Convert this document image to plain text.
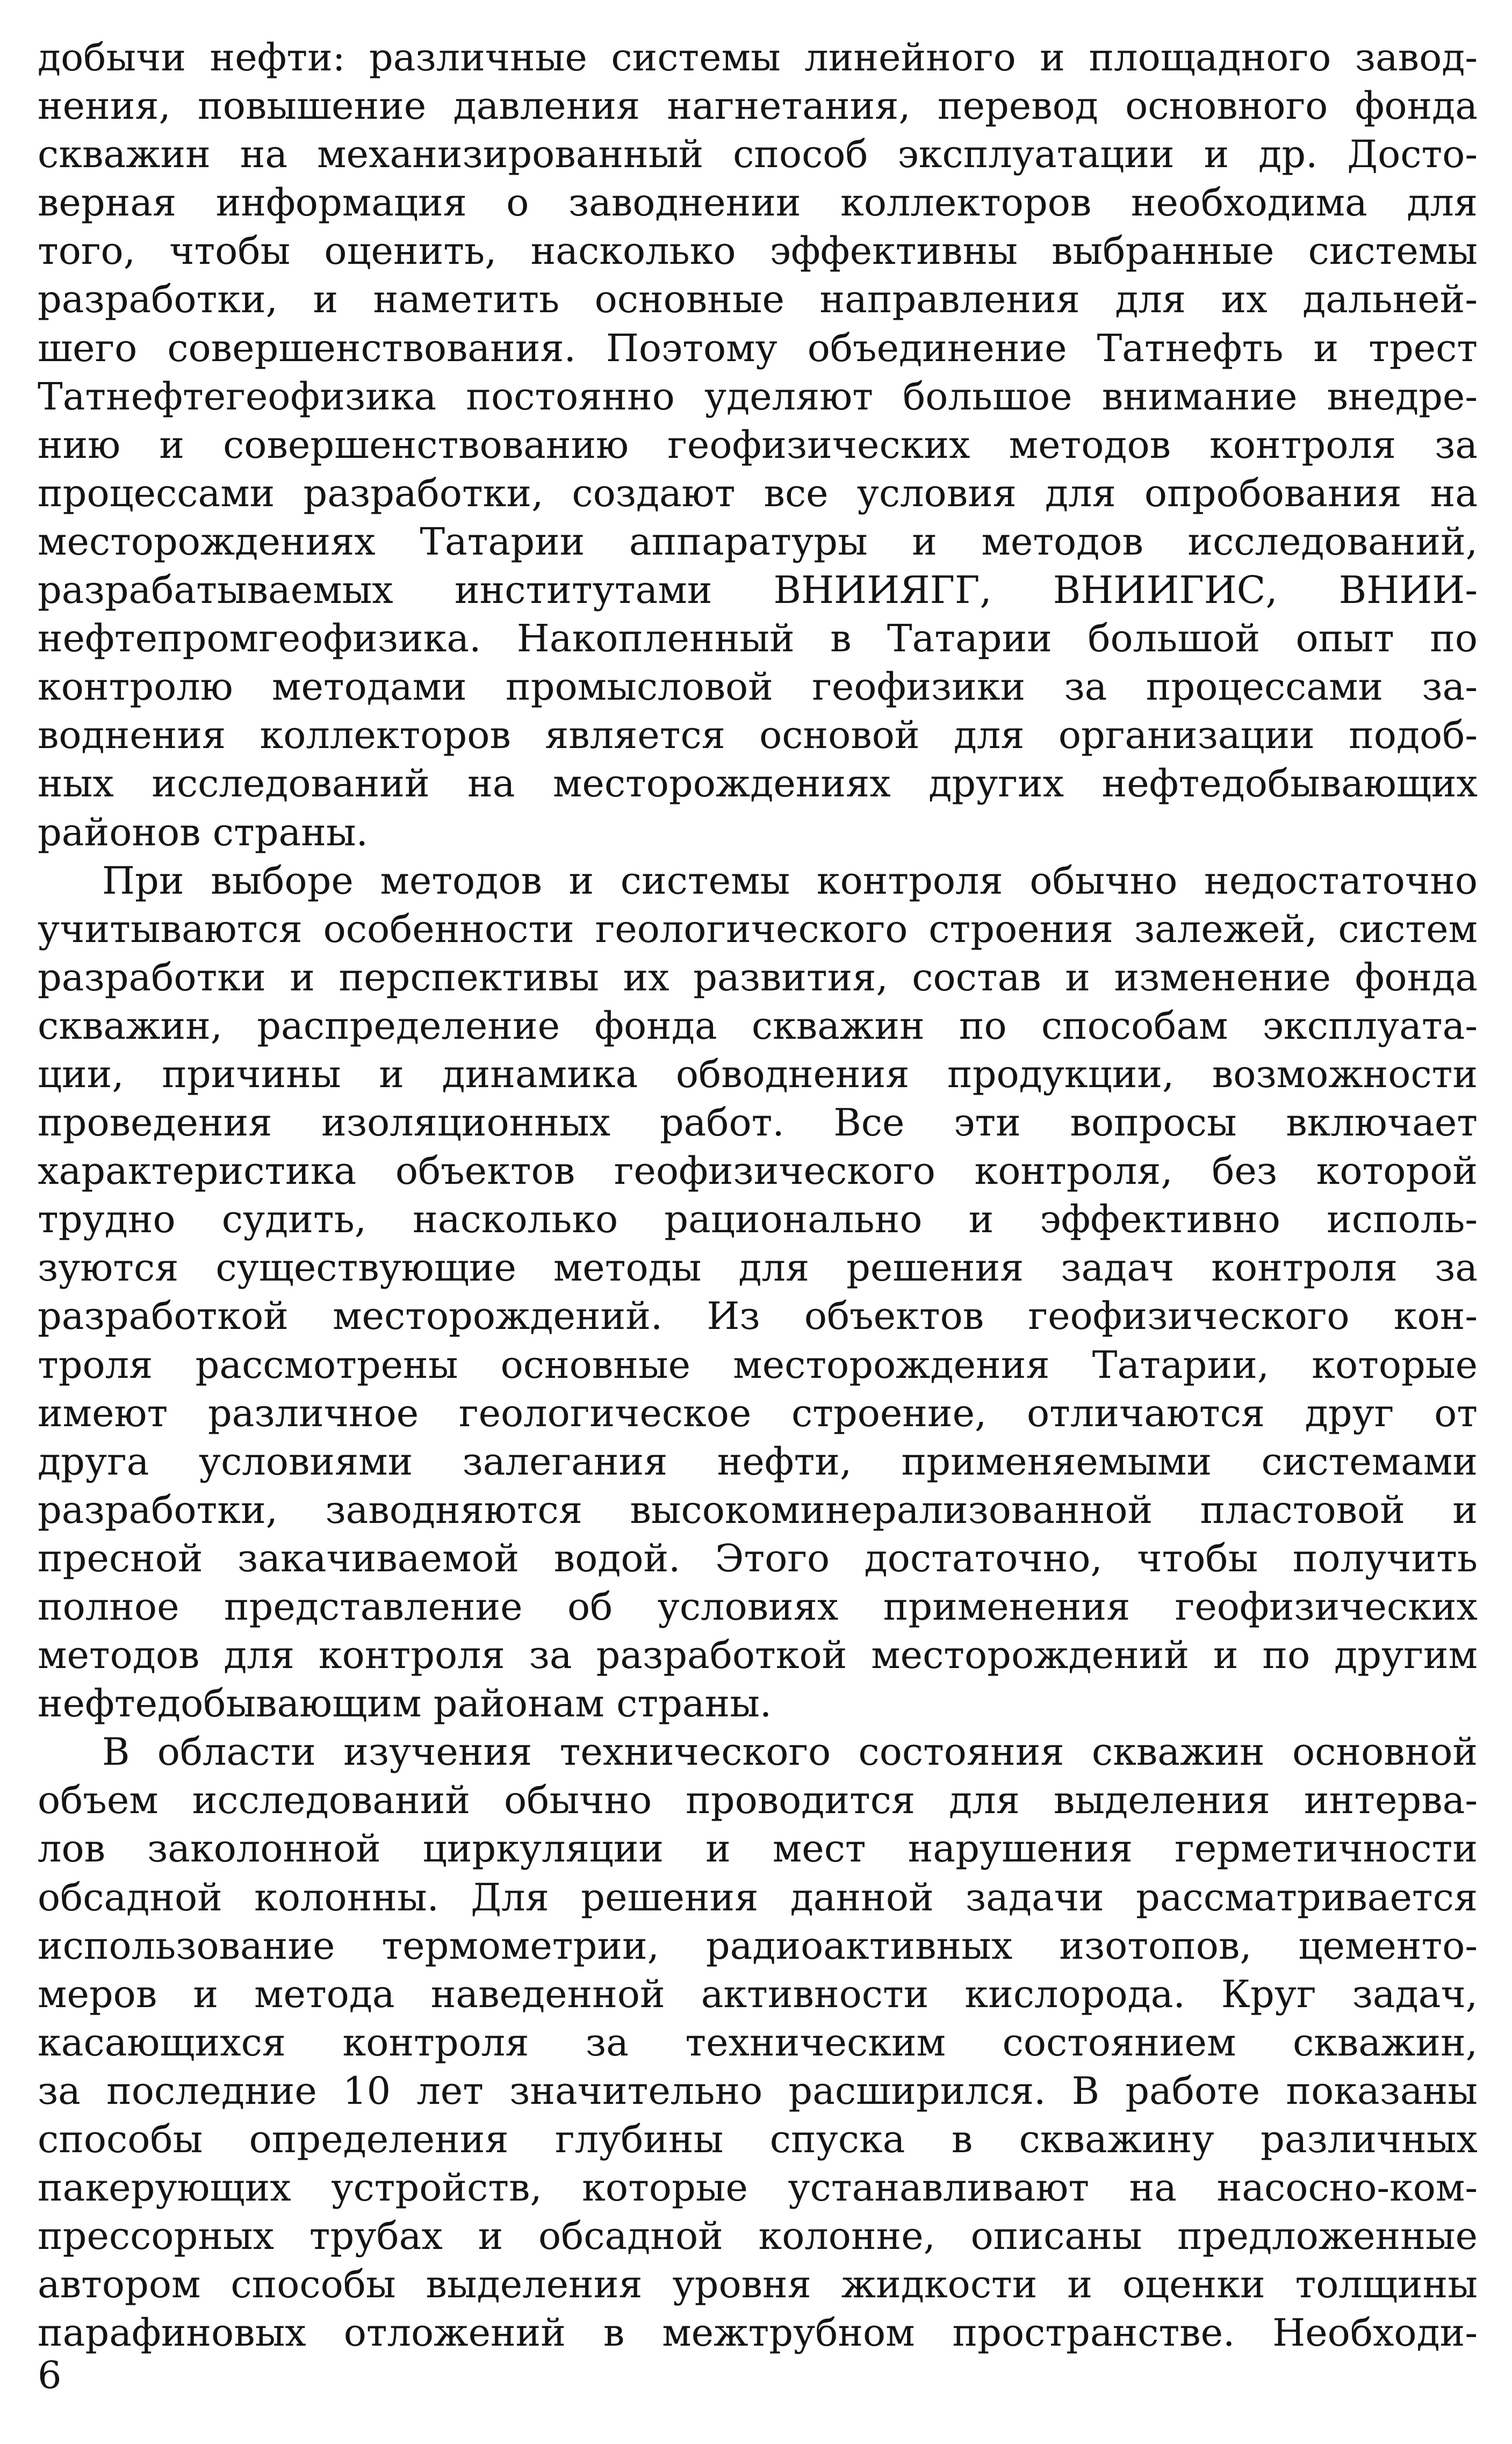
добычи нефти: различные системы линейного и площадного завод-
нения, повышение давления нагнетания, перевод основного фонда
скважин на механизированный способ эксплуатации и др. Досто-
верная информация о заводнении коллекторов необходима для
того, чтобы оценить, насколько эффективны выбранные системы
разработки, и наметить основные направления для их дальней-
шего совершенствования. Поэтому объединение Татнефть и трест
Татнефтегеофизика постоянно уделяют большое внимание внедре-
нию и совершенствованию геофизических методов контроля за
процессами разработки, создают все условия для опробования на
месторождениях Татарии аппаратуры и методов исследований,
разрабатываемых институтами ВНИИЯГГ, ВНИИГИС, ВНИИ-
нефтепромгеофизика. Накопленный в Татарии большой опыт по
контролю методами промысловой геофизики за процессами за-
воднения коллекторов является основой для организации подоб-
ных исследований на месторождениях других нефтедобывающих
районов страны.
При выборе методов и системы контроля обычно недостаточно
учитываются особенности геологического строения залежей, систем
разработки и перспективы их развития, состав и изменение фонда
скважин, распределение фонда скважин по способам эксплуата-
ции, причины и динамика обводнения продукции, возможности
проведения изоляционных работ. Все эти вопросы включает
характеристика объектов геофизического контроля, без которой
трудно судить, насколько рационально и эффективно исполь-
зуются существующие методы для решения задач контроля за
разработкой месторождений. Из объектов геофизического кон-
троля рассмотрены основные месторождения Татарии, которые
имеют различное геологическое строение, отличаются друг от
друга условиями залегания нефти, применяемыми системами
разработки, заводняются высокоминерализованной пластовой и
пресной закачиваемой водой. Этого достаточно, чтобы получить
полное представление об условиях применения геофизических
методов для контроля за разработкой месторождений и по другим
нефтедобывающим районам страны.
В области изучения технического состояния скважин основной
объем исследований обычно проводится для выделения интерва-
лов заколонной циркуляции и мест нарушения герметичности
обсадной колонны. Для решения данной задачи рассматривается
использование термометрии, радиоактивных изотопов, цементо-
меров и метода наведенной активности кислорода. Круг задач,
касающихся контроля за техническим состоянием скважин,
за последние 10 лет значительно расширился. В работе показаны
способы определения глубины спуска в скважину различных
пакерующих устройств, которые устанавливают на насосно-ком-
прессорных трубах и обсадной колонне, описаны предложенные
автором способы выделения уровня жидкости и оценки толщины
парафиновых отложений в межтрубном пространстве. Необходи-
6
